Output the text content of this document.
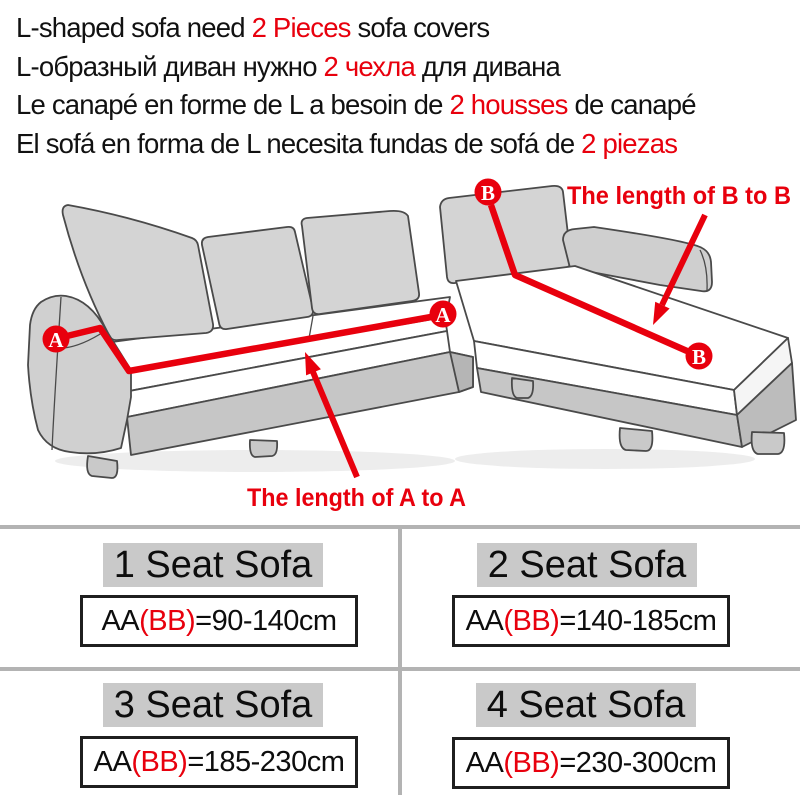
L-shaped sofa need 2 Pieces sofa covers
L-образный диван нужно 2 чехла для дивана
Le canapé en forme de L a besoin de 2 housses de canapé
El sofá en forma de L necesita fundas de sofá de 2 piezas
A
A
B
B
The length of B to B
The length of A to A
1 Seat Sofa
AA(BB)=90-140cm
2 Seat Sofa
AA(BB)=140-185cm
3 Seat Sofa
AA(BB)=185-230cm
4 Seat Sofa
AA(BB)=230-300cm
